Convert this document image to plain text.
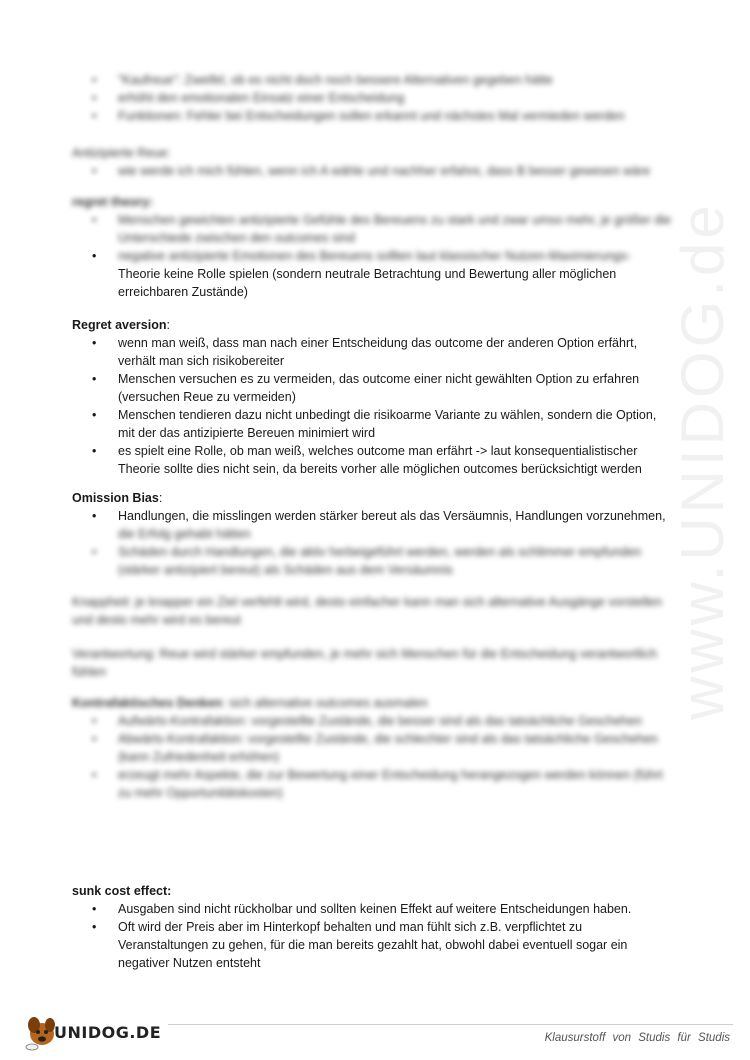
www.UNIDOG.de
• "Kaufreue": Zweifel, ob es nicht doch noch bessere Alternativen gegeben hätte
• erhöht den emotionalen Einsatz einer Entscheidung
• Funktionen: Fehler bei Entscheidungen sollen erkannt und nächstes Mal vermieden werden
Antizipierte Reue:
• wie werde ich mich fühlen, wenn ich A wähle und nachher erfahre, dass B besser gewesen wäre
regret theory:
• Menschen gewichten antizipierte Gefühle des Bereuens zu stark und zwar umso mehr, je größer die Unterschiede zwischen den outcomes sind
• negative antizipierte Emotionen des Bereuens sollten laut klassischer Nutzen-Maximierungs-
Theorie keine Rolle spielen (sondern neutrale Betrachtung und Bewertung aller möglichen erreichbaren Zustände)
Regret aversion:
• wenn man weiß, dass man nach einer Entscheidung das outcome der anderen Option erfährt, verhält man sich risikobereiter
• Menschen versuchen es zu vermeiden, das outcome einer nicht gewählten Option zu erfahren (versuchen Reue zu vermeiden)
• Menschen tendieren dazu nicht unbedingt die risikoarme Variante zu wählen, sondern die Option, mit der das antizipierte Bereuen minimiert wird
• es spielt eine Rolle, ob man weiß, welches outcome man erfährt -> laut konsequentialistischer Theorie sollte dies nicht sein, da bereits vorher alle möglichen outcomes berücksichtigt werden
Omission Bias:
• Handlungen, die misslingen werden stärker bereut als das Versäumnis, Handlungen vorzunehmen,
die Erfolg gehabt hätten
• Schäden durch Handlungen, die aktiv herbeigeführt werden, werden als schlimmer empfunden (stärker antizipiert bereut) als Schäden aus dem Versäumnis
Knappheit: je knapper ein Ziel verfehlt wird, desto einfacher kann man sich alternative Ausgänge vorstellen und desto mehr wird es bereut
Verantwortung: Reue wird stärker empfunden, je mehr sich Menschen für die Entscheidung verantwortlich fühlen
Kontrafaktisches Denken: sich alternative outcomes ausmalen
• Aufwärts-Kontrafaktion: vorgestellte Zustände, die besser sind als das tatsächliche Geschehen
• Abwärts-Kontrafaktion: vorgestellte Zustände, die schlechter sind als das tatsächliche Geschehen (kann Zufriedenheit erhöhen)
• erzeugt mehr Aspekte, die zur Bewertung einer Entscheidung herangezogen werden können (führt zu mehr Opportunitätskosten)
sunk cost effect:
• Ausgaben sind nicht rückholbar und sollten keinen Effekt auf weitere Entscheidungen haben.
• Oft wird der Preis aber im Hinterkopf behalten und man fühlt sich z.B. verpflichtet zu Veranstaltungen zu gehen, für die man bereits gezahlt hat, obwohl dabei eventuell sogar ein negativer Nutzen entsteht
UNIDOG.DE	Klausurstoff von Studis für Studis
